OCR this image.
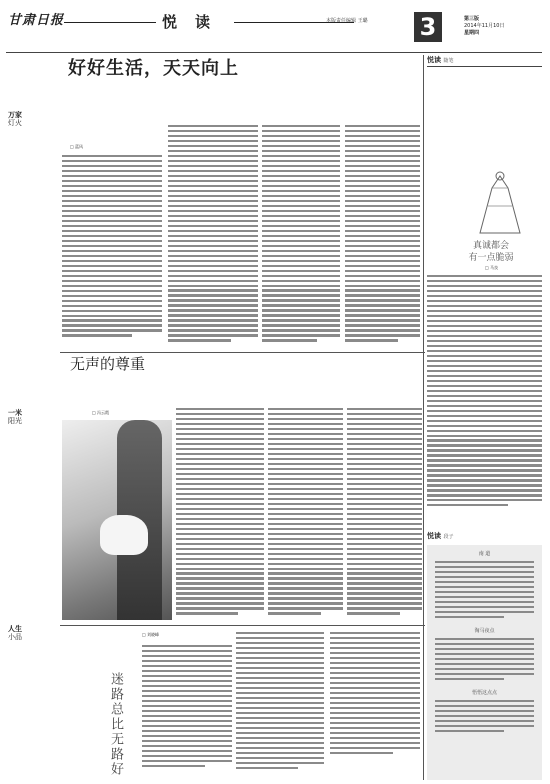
甘肃日报	悦读	本版责任编辑 王璐 3	第三版
2014年11月10日
星期四
万家
灯火
一米
阳光
人生
小品
好好生活，天天向上
□ 蓝风
无声的尊重
□ 冯云霞
□ 刘晓峰
迷路总比无路好
悦读 随笔
真诚都会
有一点脆弱
□ 马良
悦读 段子
南 道
淘马夜点
悟悟这点点
